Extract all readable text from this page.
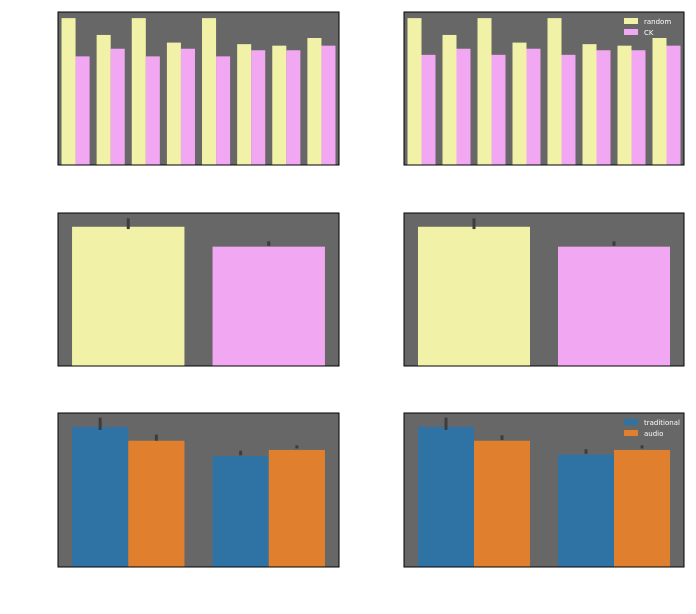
random
CK
traditional
audio
